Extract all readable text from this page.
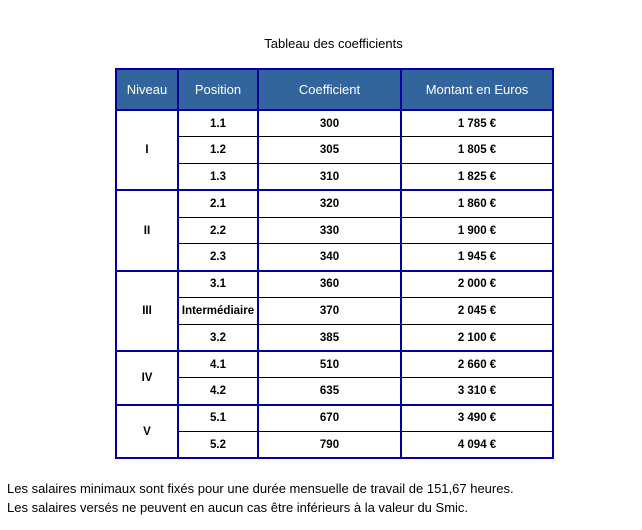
Tableau des coefficients
Niveau	Position	Coefficient	Montant en Euros
I	1.1	300	1 785 €
	1.2	305	1 805 €
	1.3	310	1 825 €
II	2.1	320	1 860 €
	2.2	330	1 900 €
	2.3	340	1 945 €
III	3.1	360	2 000 €
	Intermédiaire	370	2 045 €
	3.2	385	2 100 €
IV	4.1	510	2 660 €
	4.2	635	3 310 €
V	5.1	670	3 490 €
	5.2	790	4 094 €
Les salaires minimaux sont fixés pour une durée mensuelle de travail de 151,67 heures.
Les salaires versés ne peuvent en aucun cas être inférieurs à la valeur du Smic.
